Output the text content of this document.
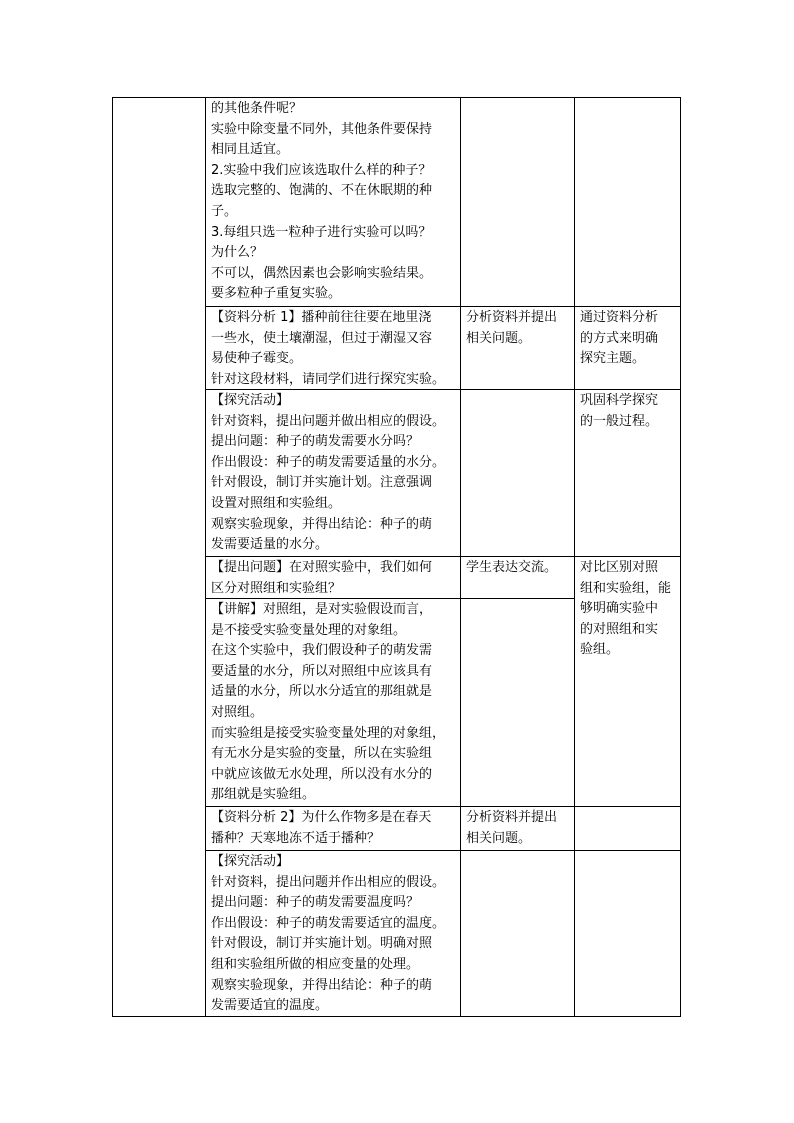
的其他条件呢？
实验中除变量不同外，其他条件要保持
相同且适宜。
2.实验中我们应该选取什么样的种子？
选取完整的、饱满的、不在休眠期的种
子。
3.每组只选一粒种子进行实验可以吗？
为什么？
不可以，偶然因素也会影响实验结果。
要多粒种子重复实验。
【资料分析 1】播种前往往要在地里浇
一些水，使土壤潮湿，但过于潮湿又容
易使种子霉变。
针对这段材料，请同学们进行探究实验。
分析资料并提出
相关问题。
通过资料分析
的方式来明确
探究主题。
【探究活动】
针对资料，提出问题并做出相应的假设。
提出问题：种子的萌发需要水分吗？
作出假设：种子的萌发需要适量的水分。
针对假设，制订并实施计划。注意强调
设置对照组和实验组。
观察实验现象，并得出结论：种子的萌
发需要适量的水分。
巩固科学探究
的一般过程。
【提出问题】在对照实验中，我们如何
区分对照组和实验组？
学生表达交流。	对比区别对照
组和实验组，能
够明确实验中
的对照组和实
验组。
【讲解】对照组，是对实验假设而言，
是不接受实验变量处理的对象组。
在这个实验中，我们假设种子的萌发需
要适量的水分，所以对照组中应该具有
适量的水分，所以水分适宜的那组就是
对照组。
而实验组是接受实验变量处理的对象组，
有无水分是实验的变量，所以在实验组
中就应该做无水处理，所以没有水分的
那组就是实验组。
【资料分析 2】为什么作物多是在春天
播种？天寒地冻不适于播种？
分析资料并提出
相关问题。
【探究活动】
针对资料，提出问题并作出相应的假设。
提出问题：种子的萌发需要温度吗？
作出假设：种子的萌发需要适宜的温度。
针对假设，制订并实施计划。明确对照
组和实验组所做的相应变量的处理。
观察实验现象，并得出结论：种子的萌
发需要适宜的温度。
